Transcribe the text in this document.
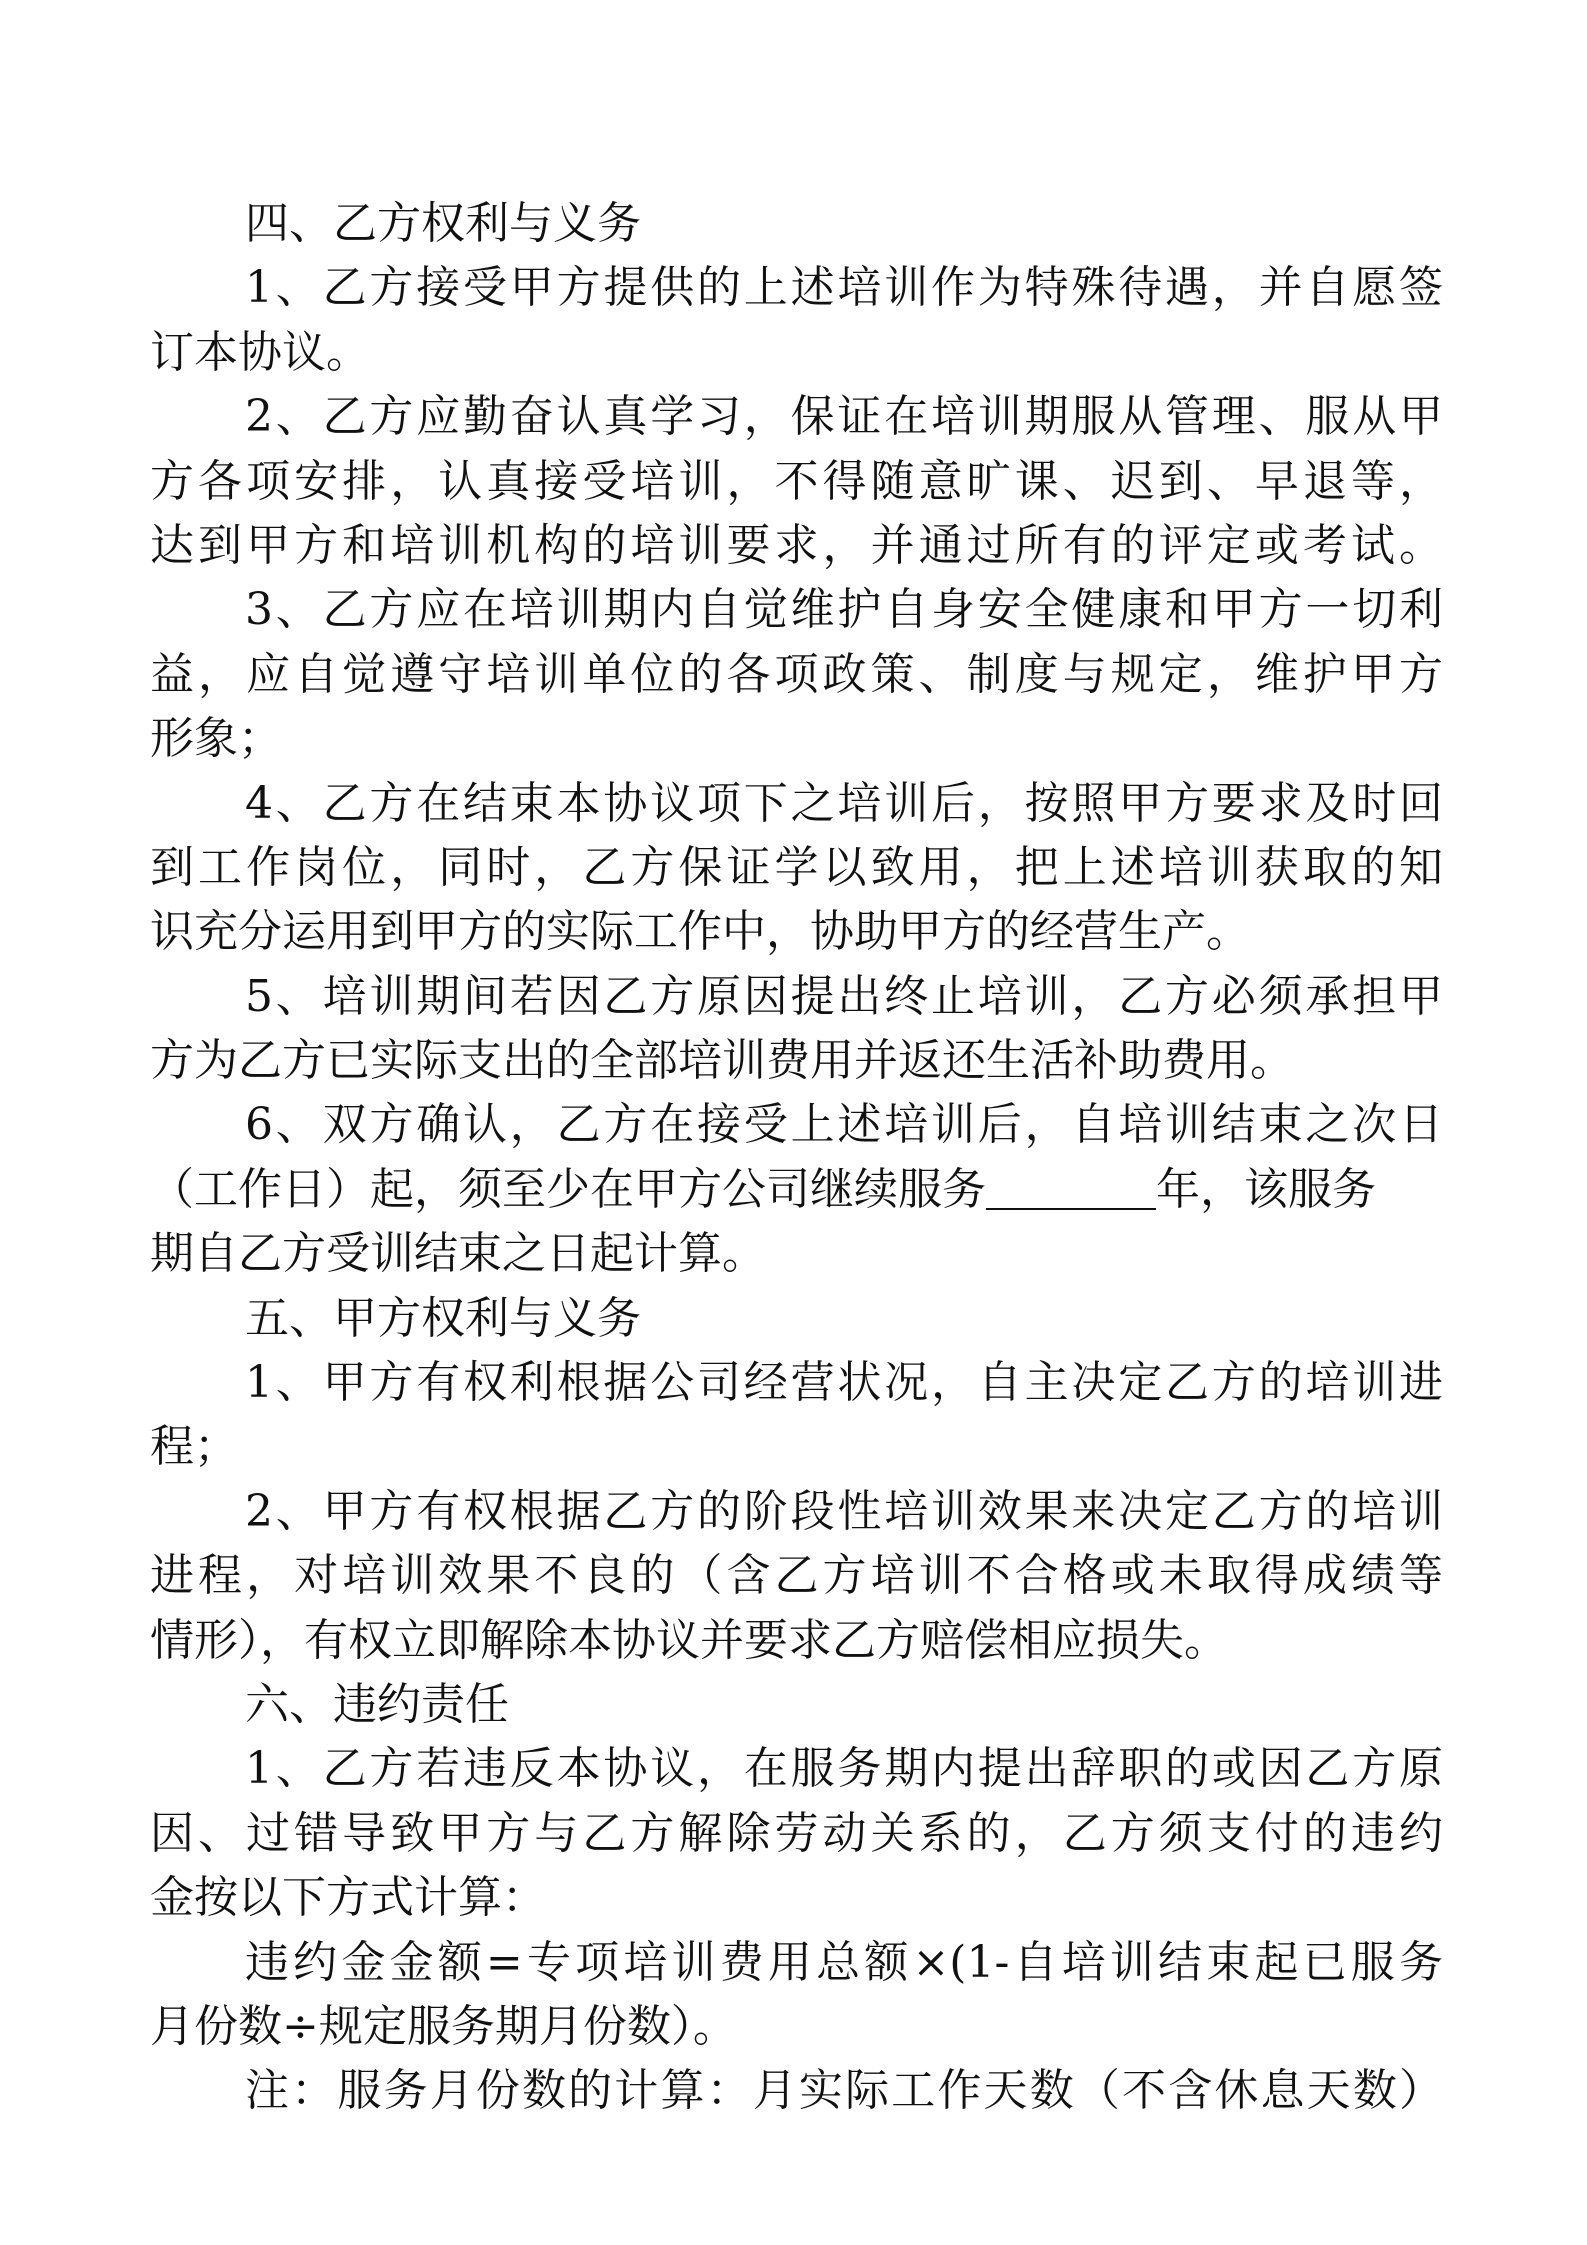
四、乙方权利与义务
1、乙方接受甲方提供的上述培训作为特殊待遇，并自愿签
订本协议。
2、乙方应勤奋认真学习，保证在培训期服从管理、服从甲
方各项安排，认真接受培训，不得随意旷课、迟到、早退等，
达到甲方和培训机构的培训要求，并通过所有的评定或考试。
3、乙方应在培训期内自觉维护自身安全健康和甲方一切利
益，应自觉遵守培训单位的各项政策、制度与规定，维护甲方
形象；
4、乙方在结束本协议项下之培训后，按照甲方要求及时回
到工作岗位，同时，乙方保证学以致用，把上述培训获取的知
识充分运用到甲方的实际工作中，协助甲方的经营生产。
5、培训期间若因乙方原因提出终止培训，乙方必须承担甲
方为乙方已实际支出的全部培训费用并返还生活补助费用。
6、双方确认，乙方在接受上述培训后，自培训结束之次日
（工作日）起，须至少在甲方公司继续服务	年，该服务
期自乙方受训结束之日起计算。
五、甲方权利与义务
1、甲方有权利根据公司经营状况，自主决定乙方的培训进
程；
2、甲方有权根据乙方的阶段性培训效果来决定乙方的培训
进程，对培训效果不良的（含乙方培训不合格或未取得成绩等
情形），有权立即解除本协议并要求乙方赔偿相应损失。
六、违约责任
1、乙方若违反本协议，在服务期内提出辞职的或因乙方原
因、过错导致甲方与乙方解除劳动关系的，乙方须支付的违约
金按以下方式计算：
违约金金额=专项培训费用总额×(1-自培训结束起已服务
月份数÷规定服务期月份数）。
注：服务月份数的计算：月实际工作天数（不含休息天数）
